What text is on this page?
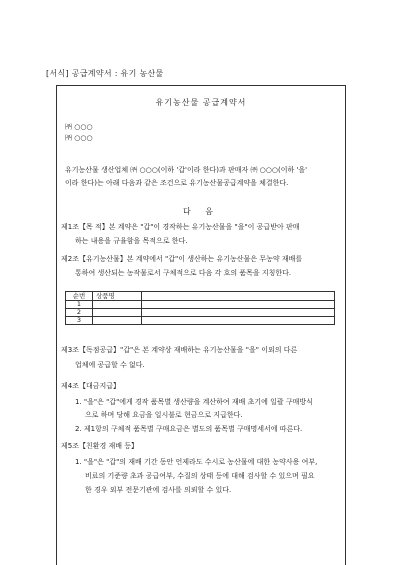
[서식] 공급계약서 : 유기 농산물
유기농산물 공급계약서
㈜ ○○○
㈜ ○○○
유기농산물 생산업체 ㈜ ○○○(이하 '갑'이라 한다)과 판매자 ㈜ ○○○(이하 '을'
이라 한다)는 아래 다음과 같은 조건으로 유기농산물공급계약을 체결한다.
다 음
제1조【목 적】본 계약은 "갑"이 경작하는 유기농산물을 "을"이 공급받아 판매
하는 내용을 규율함을 목적으로 한다.
제2조【유기농산물】본 계약에서 "갑"이 생산하는 유기농산물은 무농약 재배를
통하여 생산되는 농작물로서 구체적으로 다음 각 호의 품목을 지칭한다.
순번	상품명	
1		
2		
3		
제3조【독점공급】"갑"은 본 계약상 재배하는 유기농산물을 "을" 이외의 다른
업체에 공급할 수 없다.
제4조【대금지급】
1. "을"은 "갑"에게 경작 품목별 생산량을 계산하여 재배 초기에 일괄 구매방식
으로 하며 당해 요금을 일시불로 현금으로 지급한다.
2. 제1항의 구체적 품목별 구매요금은 별도의 품목별 구매명세서에 따른다.
제5조【친환경 재배 등】
1. "을"은 "갑"의 재배 기간 동안 언제라도 수시로 농산물에 대한 농약사용 여부,
비료의 기준량 초과 공급여부, 수질의 상태 등에 대해 검사할 수 있으며 필요
한 경우 외부 전문기관에 검사를 의뢰할 수 있다.
